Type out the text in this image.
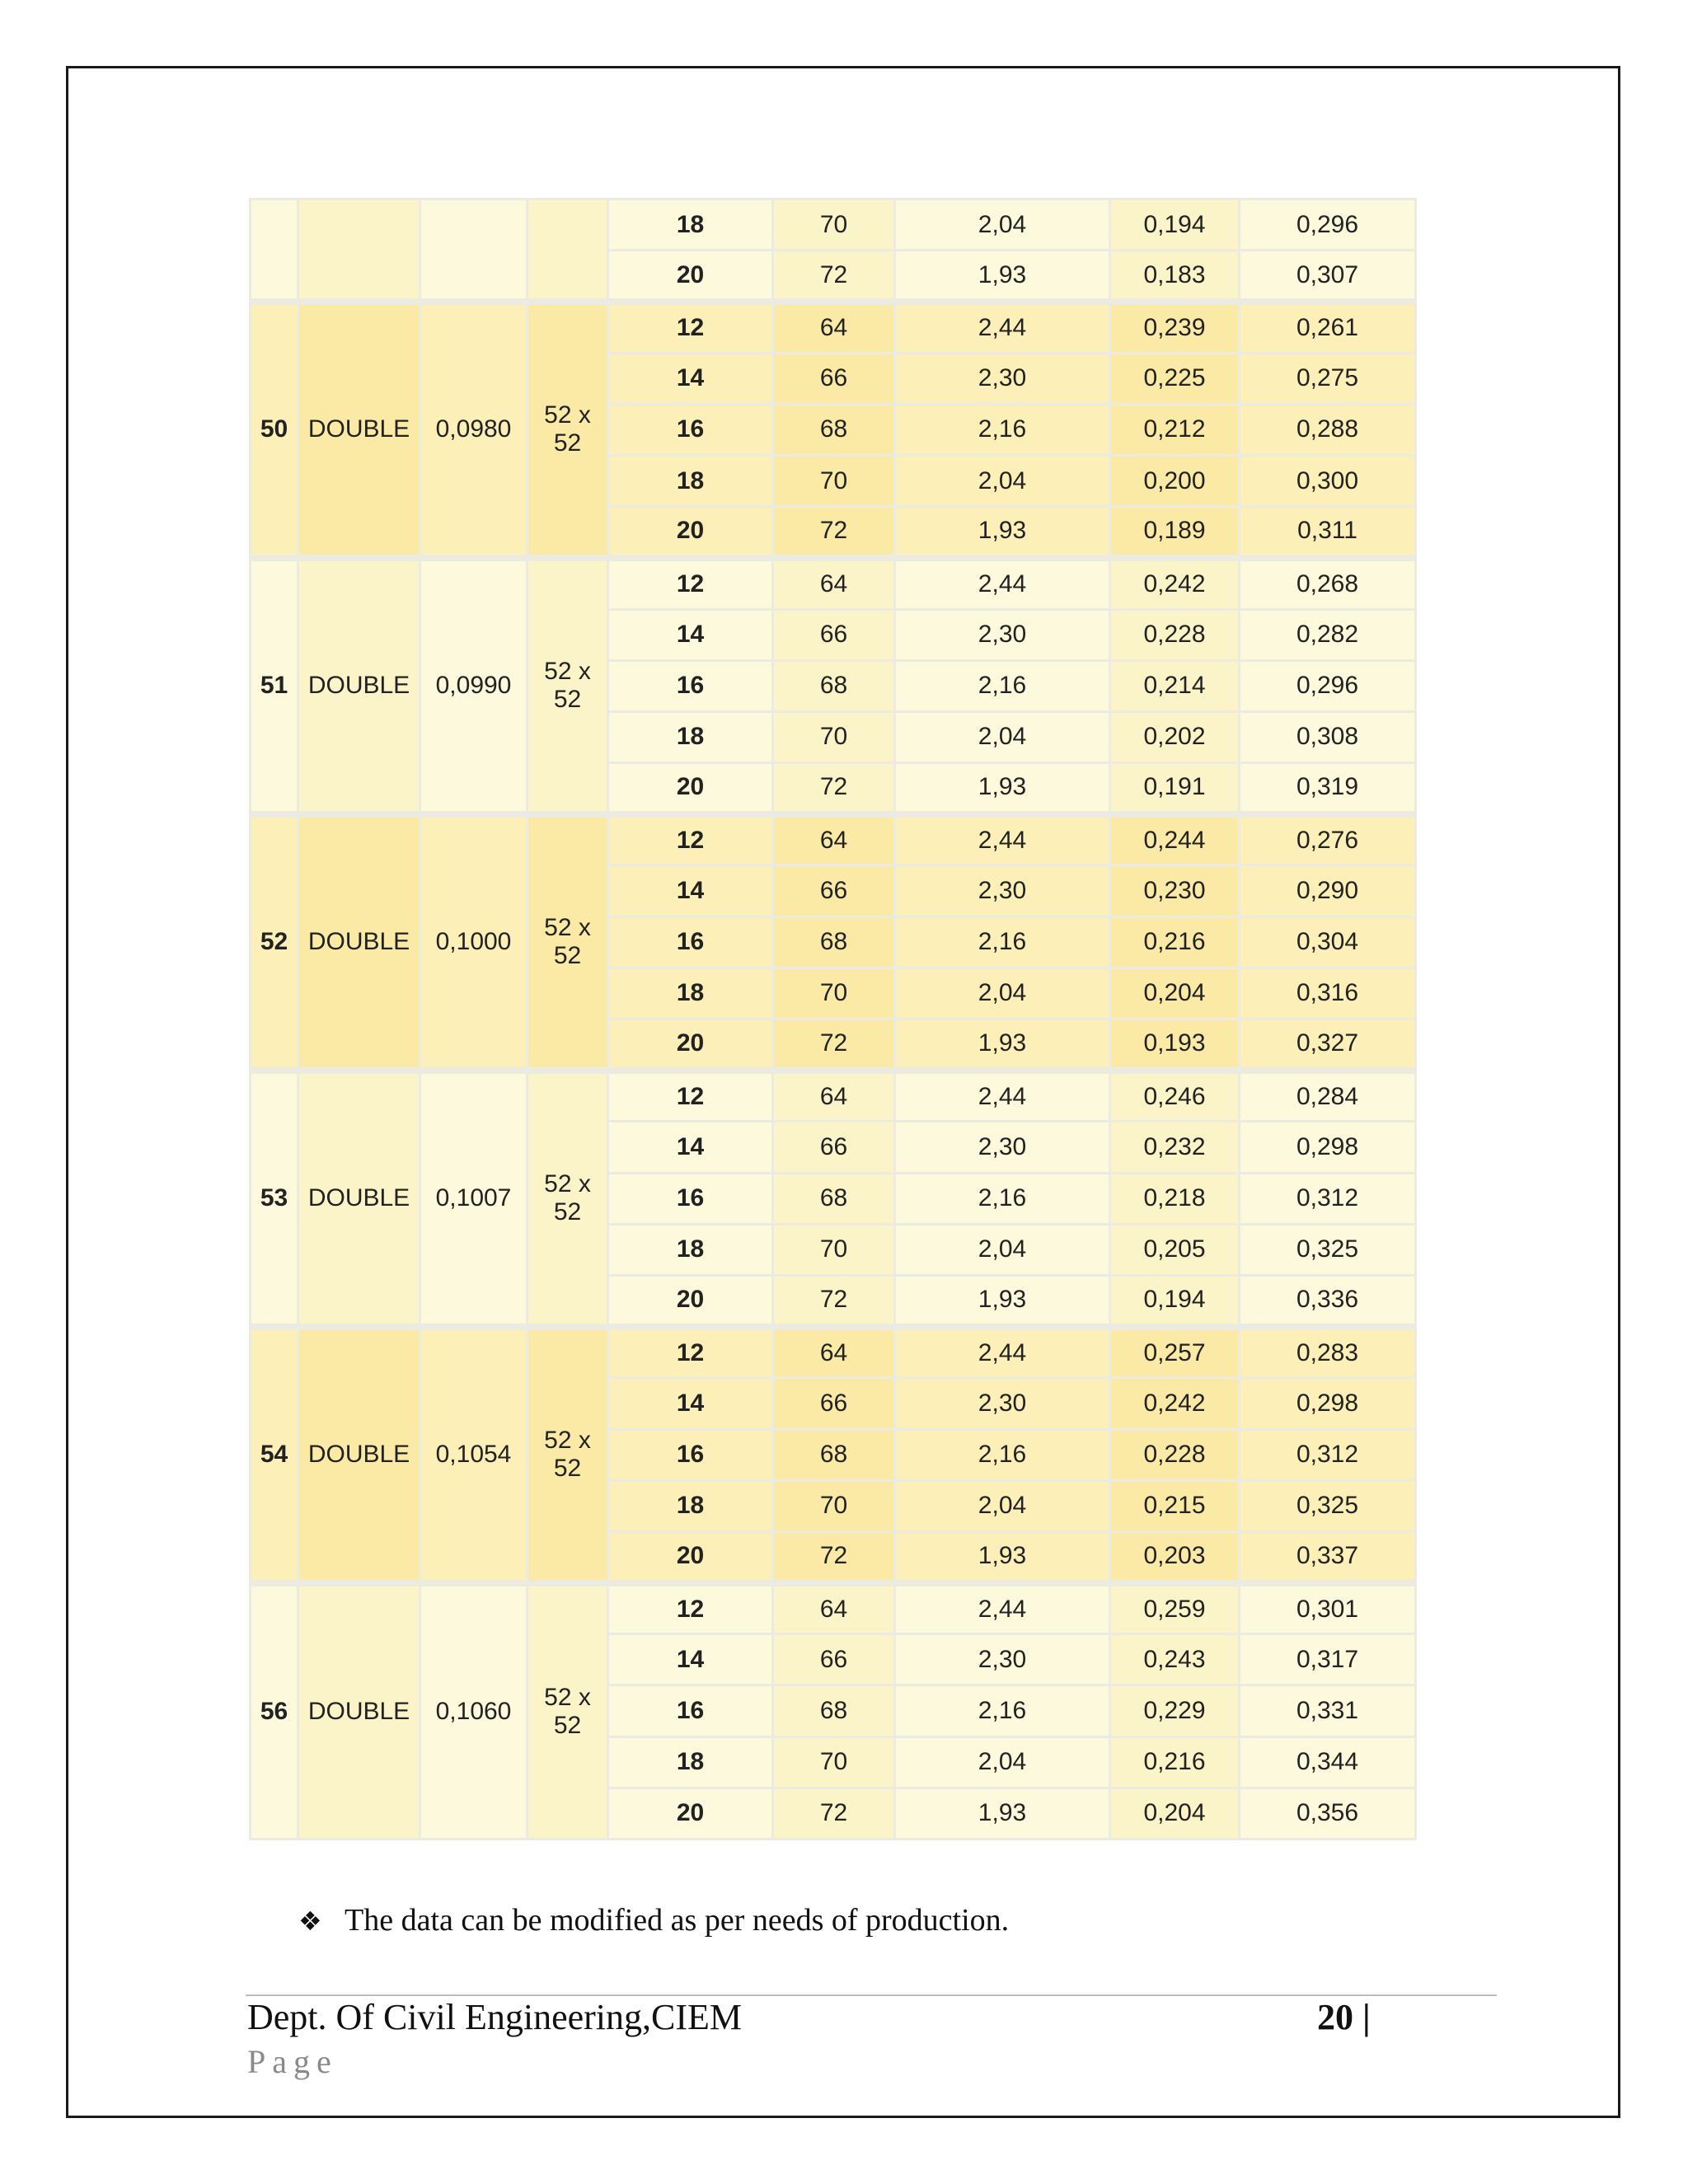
				18	70	2,04	0,194	0,296
				20	72	1,93	0,183	0,307
50	DOUBLE	0,0980	52 x 52	12	64	2,44	0,239	0,261
				14	66	2,30	0,225	0,275
				16	68	2,16	0,212	0,288
				18	70	2,04	0,200	0,300
				20	72	1,93	0,189	0,311
51	DOUBLE	0,0990	52 x 52	12	64	2,44	0,242	0,268
				14	66	2,30	0,228	0,282
				16	68	2,16	0,214	0,296
				18	70	2,04	0,202	0,308
				20	72	1,93	0,191	0,319
52	DOUBLE	0,1000	52 x 52	12	64	2,44	0,244	0,276
				14	66	2,30	0,230	0,290
				16	68	2,16	0,216	0,304
				18	70	2,04	0,204	0,316
				20	72	1,93	0,193	0,327
53	DOUBLE	0,1007	52 x 52	12	64	2,44	0,246	0,284
				14	66	2,30	0,232	0,298
				16	68	2,16	0,218	0,312
				18	70	2,04	0,205	0,325
				20	72	1,93	0,194	0,336
54	DOUBLE	0,1054	52 x 52	12	64	2,44	0,257	0,283
				14	66	2,30	0,242	0,298
				16	68	2,16	0,228	0,312
				18	70	2,04	0,215	0,325
				20	72	1,93	0,203	0,337
56	DOUBLE	0,1060	52 x 52	12	64	2,44	0,259	0,301
				14	66	2,30	0,243	0,317
				16	68	2,16	0,229	0,331
				18	70	2,04	0,216	0,344
				20	72	1,93	0,204	0,356
❖ The data can be modified as per needs of production.
Dept. Of Civil Engineering,CIEM	20 |
Page
